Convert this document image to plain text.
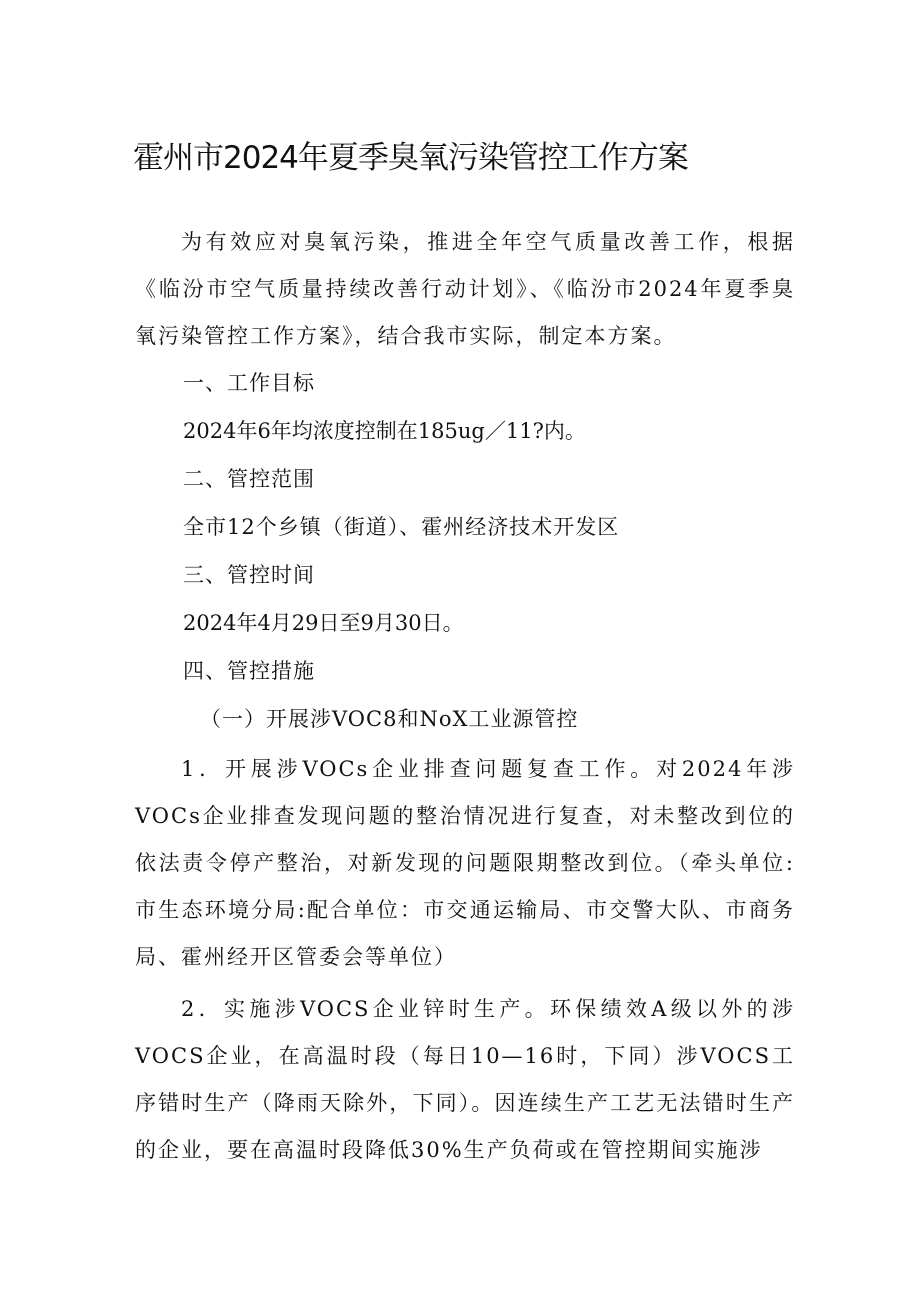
霍州市2024年夏季臭氧污染管控工作方案

为有效应对臭氧污染，推进全年空气质量改善工作，根据《临汾市空气质量持续改善行动计划》、《临汾市2024年夏季臭氧污染管控工作方案》，结合我市实际，制定本方案。

一、工作目标

2024年6年均浓度控制在185ug／11?内。

二、管控范围

全市12个乡镇（街道）、霍州经济技术开发区

三、管控时间

2024年4月29日至9月30日。

四、管控措施

（一）开展涉VOC8和NoX工业源管控

1．开展涉VOCs企业排查问题复查工作。对2024年涉VOCs企业排查发现问题的整治情况进行复查，对未整改到位的依法责令停产整治，对新发现的问题限期整改到位。（牵头单位:市生态环境分局:配合单位：市交通运输局、市交警大队、市商务局、霍州经开区管委会等单位）

2．实施涉VOCS企业锌时生产。环保绩效A级以外的涉VOCS企业，在高温时段（每日10—16时，下同）涉VOCS工序错时生产（降雨天除外，下同）。因连续生产工艺无法错时生产的企业，要在高温时段降低30%生产负荷或在管控期间实施涉
